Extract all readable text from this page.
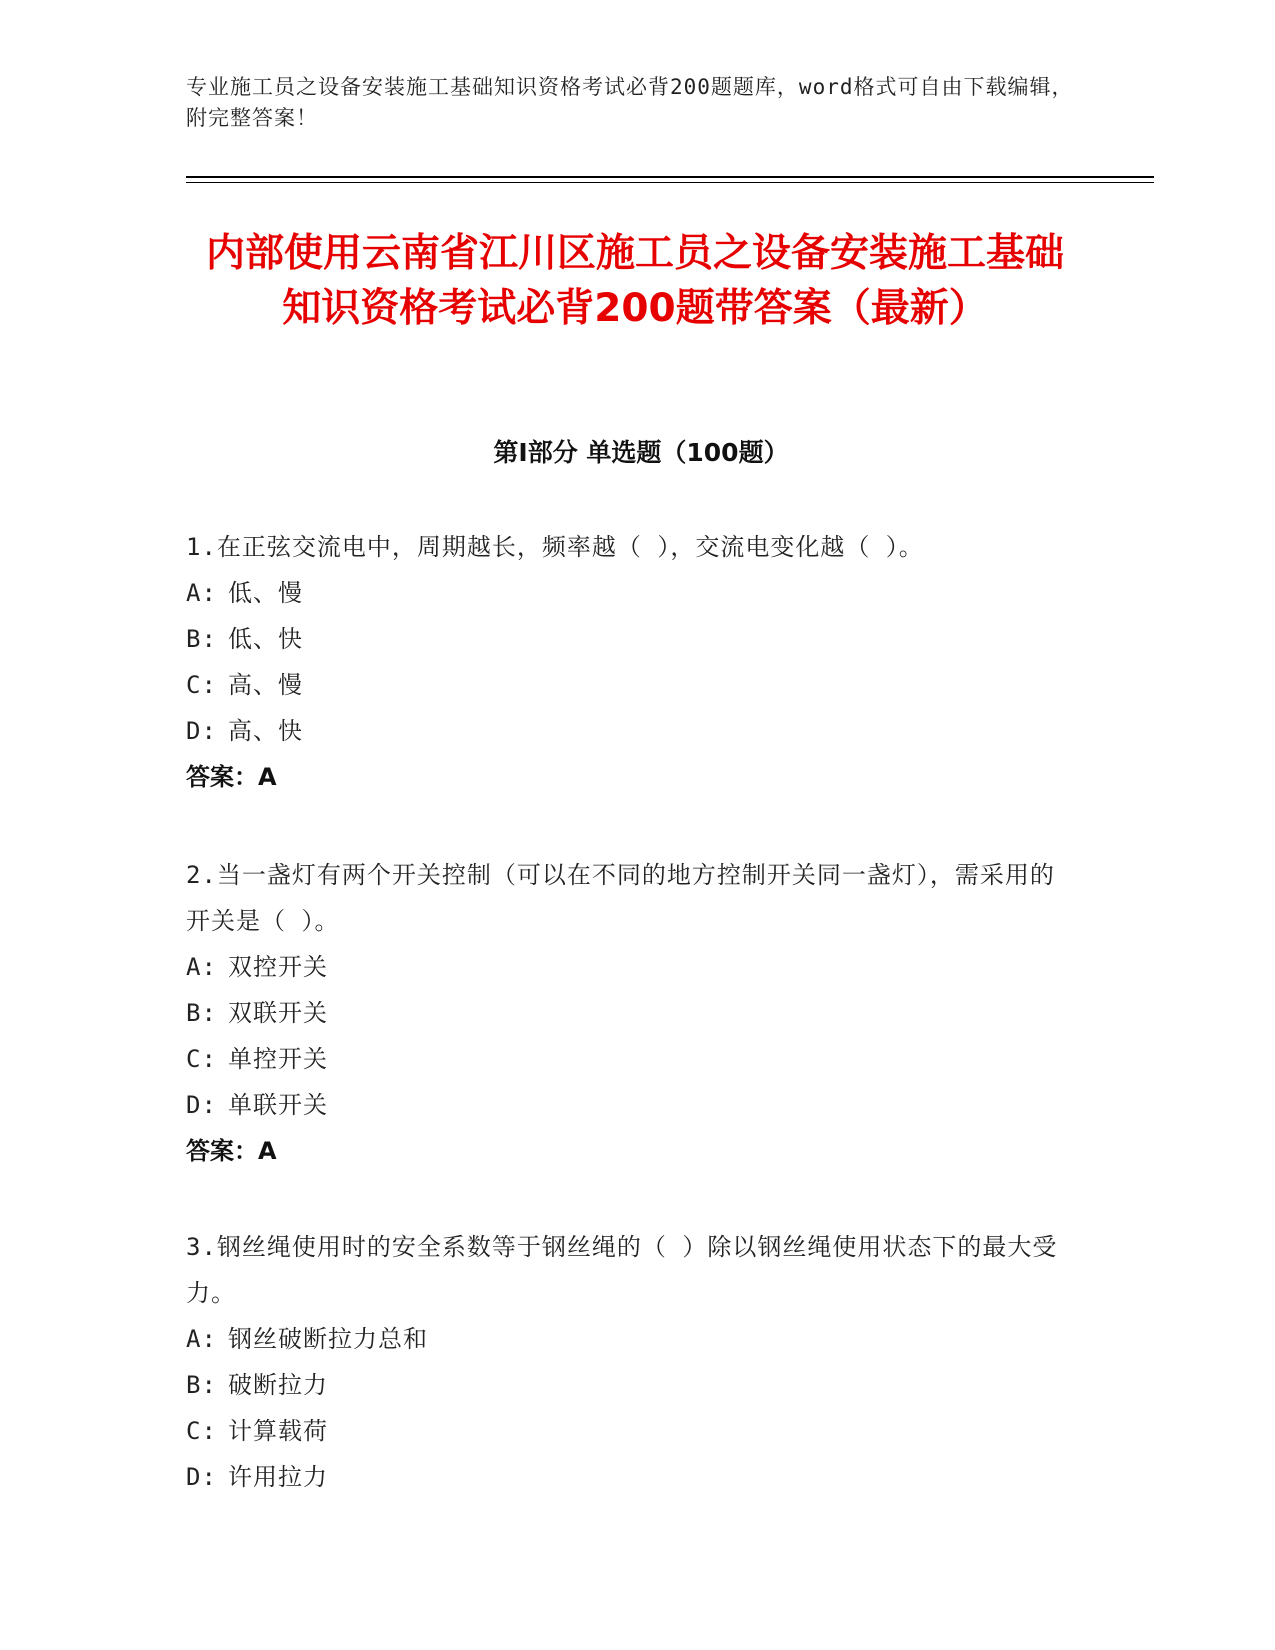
专业施工员之设备安装施工基础知识资格考试必背200题题库，word格式可自由下载编辑，附完整答案！
内部使用云南省江川区施工员之设备安装施工基础知识资格考试必背200题带答案（最新）
第I部分 单选题（100题）
1.在正弦交流电中，周期越长，频率越（ ），交流电变化越（ ）。
A: 低、慢
B: 低、快
C: 高、慢
D: 高、快
答案：A
2.当一盏灯有两个开关控制（可以在不同的地方控制开关同一盏灯），需采用的开关是（ ）。
A: 双控开关
B: 双联开关
C: 单控开关
D: 单联开关
答案：A
3.钢丝绳使用时的安全系数等于钢丝绳的（ ）除以钢丝绳使用状态下的最大受力。
A: 钢丝破断拉力总和
B: 破断拉力
C: 计算载荷
D: 许用拉力
